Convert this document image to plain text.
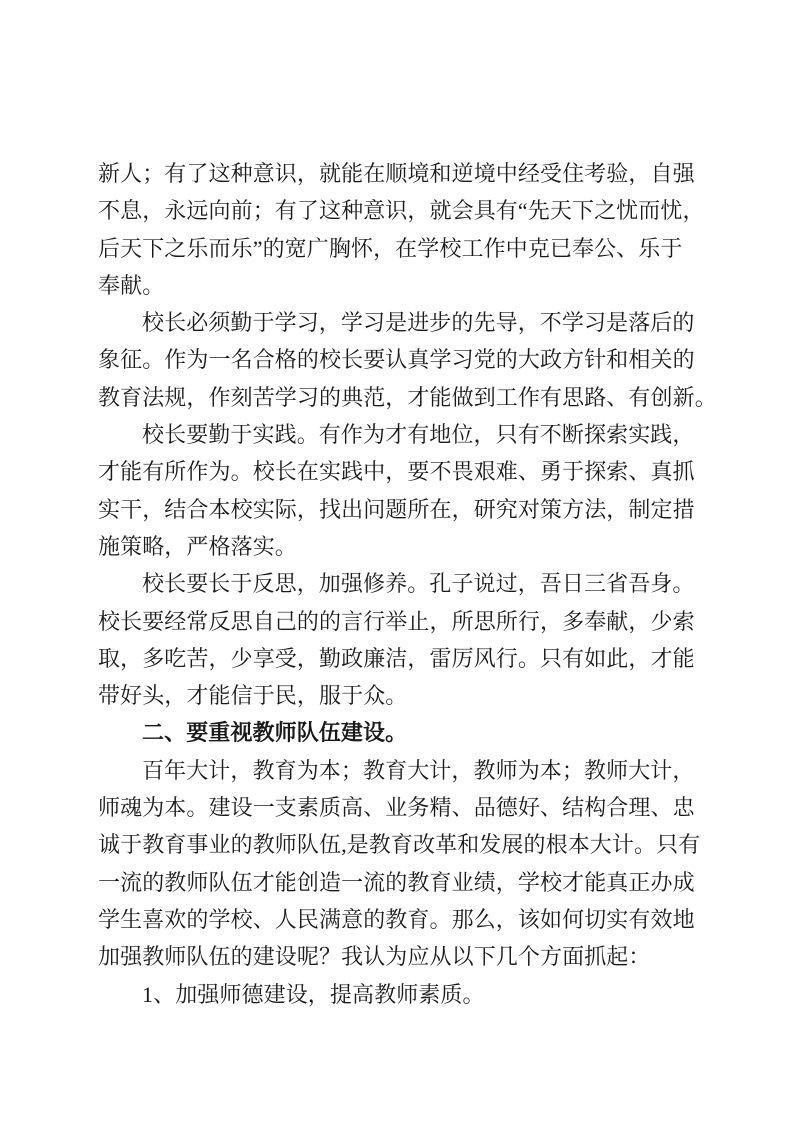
新人；有了这种意识，就能在顺境和逆境中经受住考验，自强
不息，永远向前；有了这种意识，就会具有“先天下之忧而忧，
后天下之乐而乐”的宽广胸怀，在学校工作中克已奉公、乐于
奉献。
校长必须勤于学习，学习是进步的先导，不学习是落后的
象征。作为一名合格的校长要认真学习党的大政方针和相关的
教育法规，作刻苦学习的典范，才能做到工作有思路、有创新。
校长要勤于实践。有作为才有地位，只有不断探索实践，
才能有所作为。校长在实践中，要不畏艰难、勇于探索、真抓
实干，结合本校实际，找出问题所在，研究对策方法，制定措
施策略，严格落实。
校长要长于反思，加强修养。孔子说过，吾日三省吾身。
校长要经常反思自己的的言行举止，所思所行，多奉献，少索
取，多吃苦，少享受，勤政廉洁，雷厉风行。只有如此，才能
带好头，才能信于民，服于众。
二、要重视教师队伍建设。
百年大计，教育为本；教育大计，教师为本；教师大计，
师魂为本。建设一支素质高、业务精、品德好、结构合理、忠
诚于教育事业的教师队伍,是教育改革和发展的根本大计。只有
一流的教师队伍才能创造一流的教育业绩，学校才能真正办成
学生喜欢的学校、人民满意的教育。那么，该如何切实有效地
加强教师队伍的建设呢？我认为应从以下几个方面抓起：
1、加强师德建设，提高教师素质。
